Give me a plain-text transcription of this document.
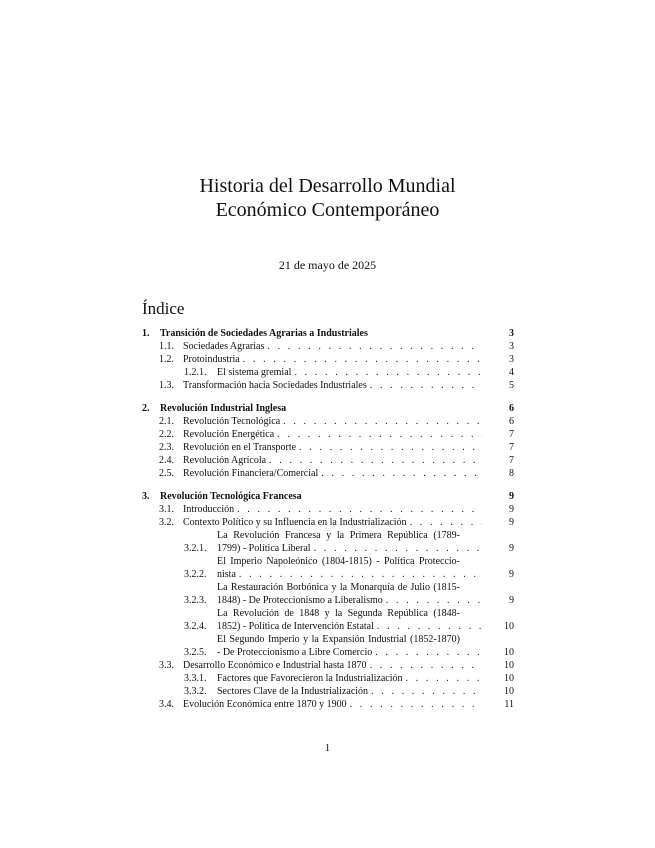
Historia del Desarrollo Mundial
Económico Contemporáneo
21 de mayo de 2025
Índice
1.	Transición de Sociedades Agrarias a Industriales	3
1.1. Sociedades Agrarias . . .	3
1.2. Protoindustria . . .	3
1.2.1.	El sistema gremial . . .	4
1.3. Transformación hacia Sociedades Industriales . . .	5
2.	Revolución Industrial Inglesa	6
2.1. Revolución Tecnológica . . .	6
2.2. Revolución Energética . . .	7
2.3. Revolución en el Transporte . . .	7
2.4. Revolución Agrícola . . .	7
2.5. Revolución Financiera/Comercial . . .	8
3.	Revolución Tecnológica Francesa	9
3.1. Introducción . . .	9
3.2. Contexto Político y su Influencia en la Industrialización . . .	9
3.2.1.
La Revolución Francesa y la Primera República (1789-
1799) - Política Liberal . . .	9
3.2.2.
El Imperio Napoleónico (1804-1815) - Política Proteccio-
nista . . .	9
3.2.3.
La Restauración Borbónica y la Monarquía de Julio (1815-
1848) - De Proteccionismo a Liberalismo . . .	9
3.2.4.
La Revolución de 1848 y la Segunda República (1848-
1852) - Política de Intervención Estatal . . .	10
3.2.5.
El Segundo Imperio y la Expansión Industrial (1852-1870)
- De Proteccionismo a Libre Comercio . . .	10
3.3. Desarrollo Económico e Industrial hasta 1870 . . .	10
3.3.1.	Factores que Favorecieron la Industrialización . . .	10
3.3.2.	Sectores Clave de la Industrialización . . .	10
3.4. Evolución Económica entre 1870 y 1900 . . .	11
1
